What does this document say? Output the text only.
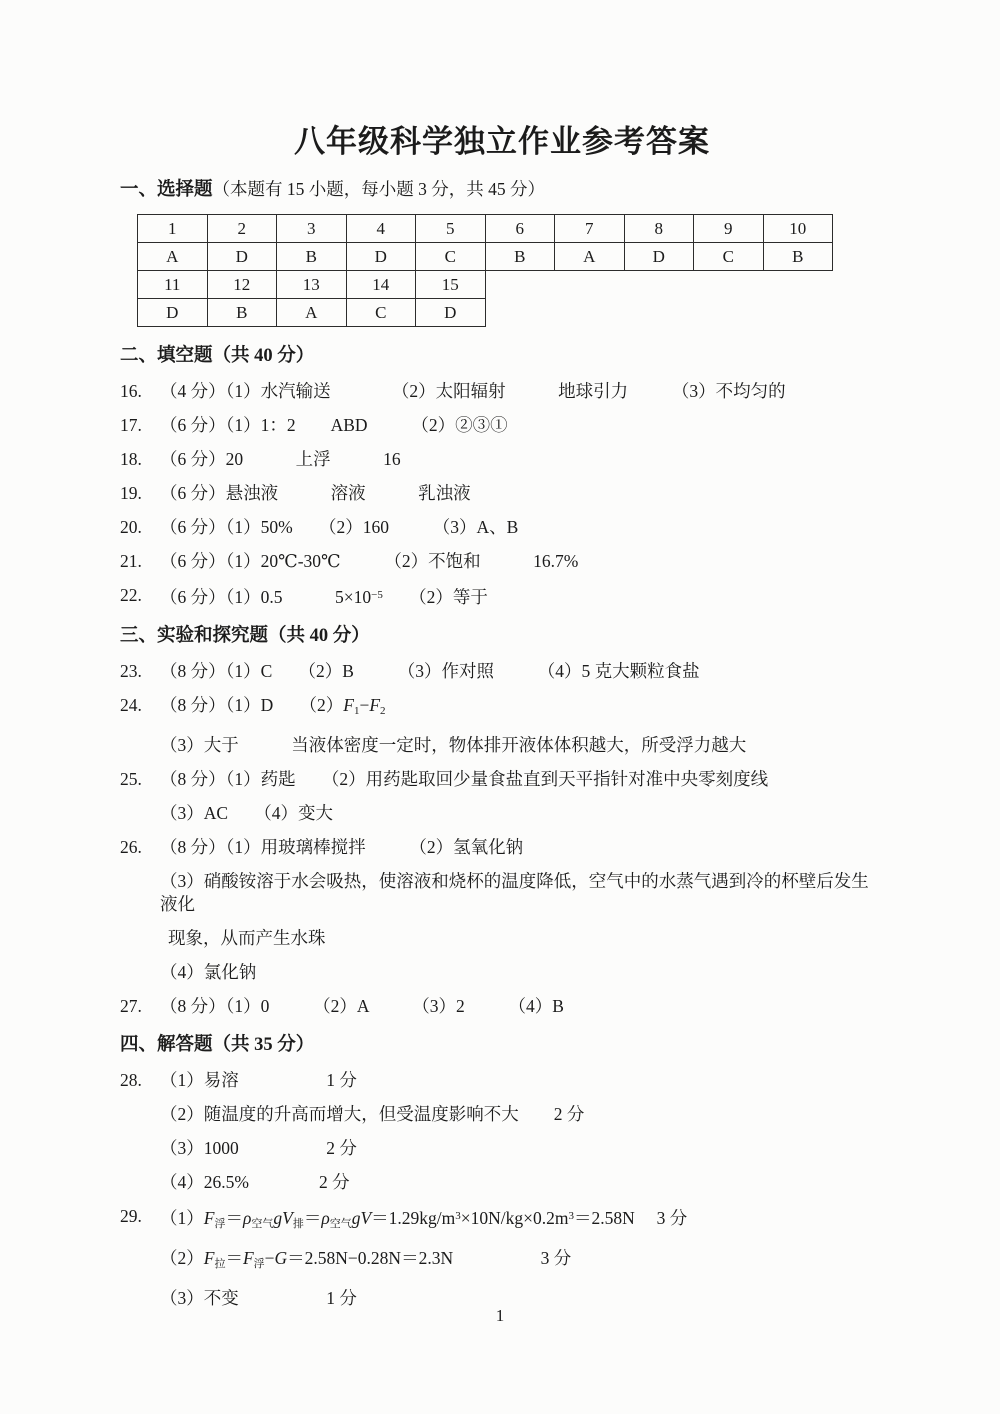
八年级科学独立作业参考答案
一、选择题（本题有 15 小题，每小题 3 分，共 45 分）
1	2	3	4	5	6	7	8	9	10
A	D	B	D	C	B	A	D	C	B
11	12	13	14	15
D	B	A	C	D
二、填空题（共 40 分）
16.	（4 分）（1）水汽输送　　　　（2）太阳辐射　　　地球引力　　　（3）不均匀的
17.	（6 分）（1）1：2　　ABD　　　（2）②③①
18.	（6 分）20　　　上浮　　　16
19.	（6 分）悬浊液　　　溶液　　　乳浊液
20.	（6 分）（1）50%　　（2）160　　　（3）A、B
21.	（6 分）（1）20℃-30℃　　　（2）不饱和　　　16.7%
22.	（6 分）（1）0.5　　　$5\times 10^{-5}$　　（2）等于
三、实验和探究题（共 40 分）
23.	（8 分）（1）C　　（2）B　　　（3）作对照　　　（4）5 克大颗粒食盐
24.	（8 分）（1）D　　$(2)F_1-F_2$
（3）大于　　　当液体密度一定时，物体排开液体体积越大，所受浮力越大
25.	（8 分）（1）药匙　　（2）用药匙取回少量食盐直到天平指针对准中央零刻度线
（3）AC　　（4）变大
26.	（8 分）（1）用玻璃棒搅拌　　　（2）氢氧化钠
（3）硝酸铵溶于水会吸热，使溶液和烧杯的温度降低，空气中的水蒸气遇到冷的杯壁后发生液化
现象，从而产生水珠
（4）氯化钠
27.	（8 分）（1）0　　　（2）A　　　（3）2　　　（4）B
四、解答题（共 35 分）
28.	（1）易溶　　　　　1 分
（2）随温度的升高而增大，但受温度影响不大　　2 分
（3）1000　　　　　2 分
（4）26.5%　　　　2 分
29.	$(1)F_浮=\rho_{空气}gV_排=\rho_{空气}gV=1.29kg/m^3\times 10N/kg\times 0.2m^3=2.58N$　 3 分
$(2)F_拉=F_浮-G=2.58N-0.28N=2.3N$　　　　　3 分
（3）不变　　　　　1 分
1
